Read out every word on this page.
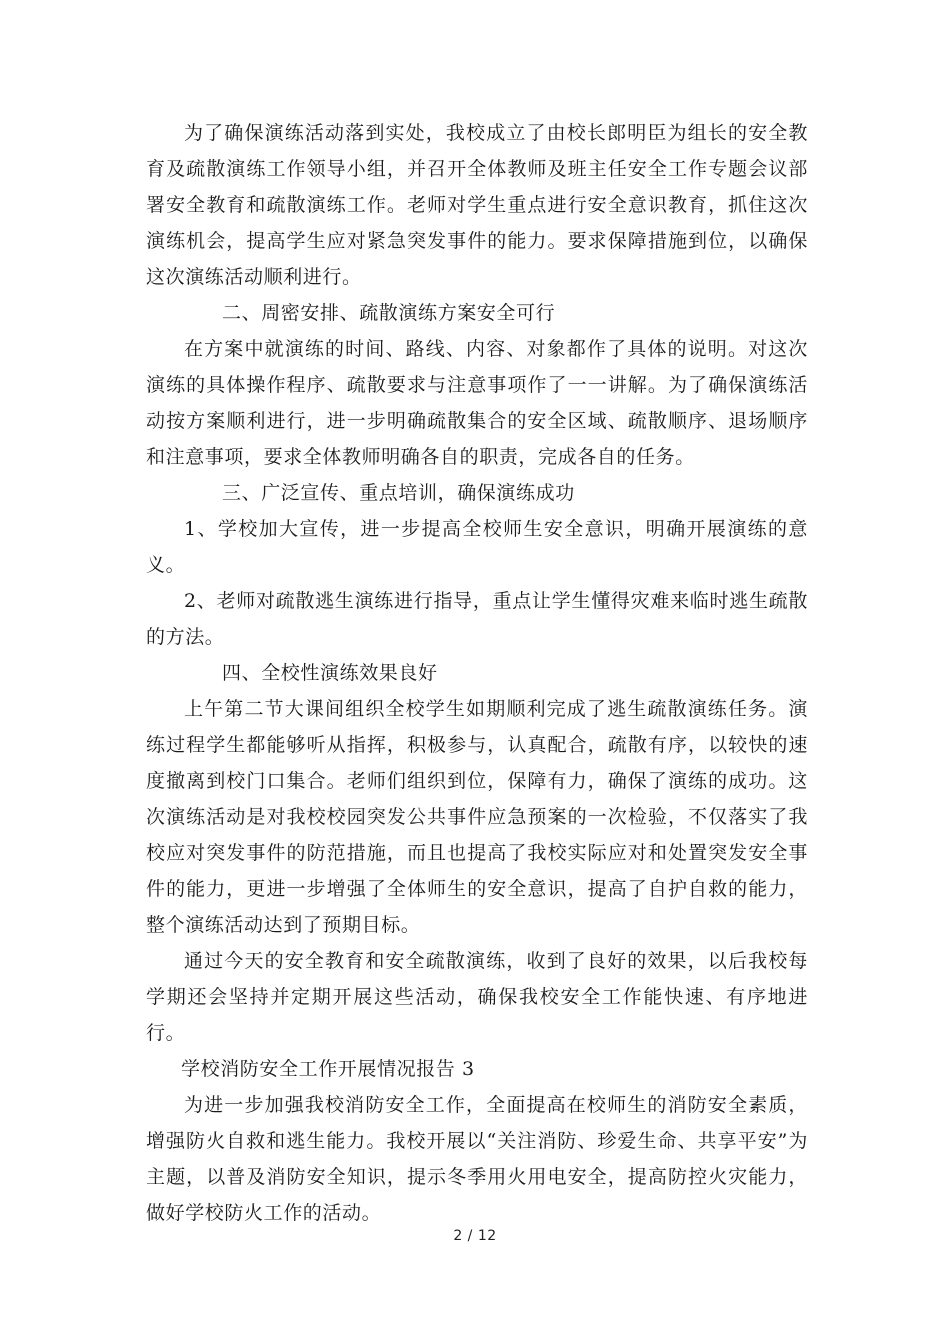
为了确保演练活动落到实处，我校成立了由校长郎明臣为组长的安全教育及疏散演练工作领导小组，并召开全体教师及班主任安全工作专题会议部署安全教育和疏散演练工作。老师对学生重点进行安全意识教育，抓住这次演练机会，提高学生应对紧急突发事件的能力。要求保障措施到位，以确保这次演练活动顺利进行。

二、周密安排、疏散演练方案安全可行

在方案中就演练的时间、路线、内容、对象都作了具体的说明。对这次演练的具体操作程序、疏散要求与注意事项作了一一讲解。为了确保演练活动按方案顺利进行，进一步明确疏散集合的安全区域、疏散顺序、退场顺序和注意事项，要求全体教师明确各自的职责，完成各自的任务。

三、广泛宣传、重点培训，确保演练成功

1、学校加大宣传，进一步提高全校师生安全意识，明确开展演练的意义。

2、老师对疏散逃生演练进行指导，重点让学生懂得灾难来临时逃生疏散的方法。

四、全校性演练效果良好

上午第二节大课间组织全校学生如期顺利完成了逃生疏散演练任务。演练过程学生都能够听从指挥，积极参与，认真配合，疏散有序，以较快的速度撤离到校门口集合。老师们组织到位，保障有力，确保了演练的成功。这次演练活动是对我校校园突发公共事件应急预案的一次检验，不仅落实了我校应对突发事件的防范措施，而且也提高了我校实际应对和处置突发安全事件的能力，更进一步增强了全体师生的安全意识，提高了自护自救的能力，整个演练活动达到了预期目标。

通过今天的安全教育和安全疏散演练，收到了良好的效果，以后我校每学期还会坚持并定期开展这些活动，确保我校安全工作能快速、有序地进行。

学校消防安全工作开展情况报告 3

为进一步加强我校消防安全工作，全面提高在校师生的消防安全素质，增强防火自救和逃生能力。我校开展以“关注消防、珍爱生命、共享平安”为主题，以普及消防安全知识，提示冬季用火用电安全，提高防控火灾能力，做好学校防火工作的活动。

2 / 12
